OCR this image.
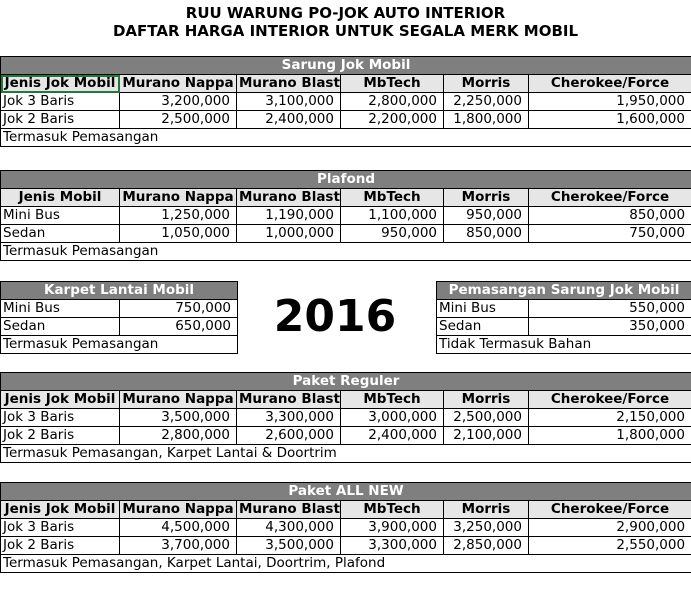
RUU WARUNG PO-JOK AUTO INTERIOR
DAFTAR HARGA INTERIOR UNTUK SEGALA MERK MOBIL
Sarung Jok Mobil					
Jenis Jok Mobil	Murano Nappa	Murano Blast	MbTech	Morris	Cherokee/Force
Jok 3 Baris	3,200,000	3,100,000	2,800,000	2,250,000	1,950,000
Jok 2 Baris	2,500,000	2,400,000	2,200,000	1,800,000	1,600,000
Termasuk Pemasangan					
Plafond					
Jenis Mobil	Murano Nappa	Murano Blast	MbTech	Morris	Cherokee/Force
Mini Bus	1,250,000	1,190,000	1,100,000	950,000	850,000
Sedan	1,050,000	1,000,000	950,000	850,000	750,000
Termasuk Pemasangan					
Karpet Lantai Mobil	
Mini Bus	750,000
Sedan	650,000
Termasuk Pemasangan	
2016
Pemasangan Sarung Jok Mobil	
Mini Bus	550,000
Sedan	350,000
Tidak Termasuk Bahan	
Paket Reguler					
Jenis Jok Mobil	Murano Nappa	Murano Blast	MbTech	Morris	Cherokee/Force
Jok 3 Baris	3,500,000	3,300,000	3,000,000	2,500,000	2,150,000
Jok 2 Baris	2,800,000	2,600,000	2,400,000	2,100,000	1,800,000
Termasuk Pemasangan, Karpet Lantai & Doortrim					
Paket ALL NEW					
Jenis Jok Mobil	Murano Nappa	Murano Blast	MbTech	Morris	Cherokee/Force
Jok 3 Baris	4,500,000	4,300,000	3,900,000	3,250,000	2,900,000
Jok 2 Baris	3,700,000	3,500,000	3,300,000	2,850,000	2,550,000
Termasuk Pemasangan, Karpet Lantai, Doortrim, Plafond					
